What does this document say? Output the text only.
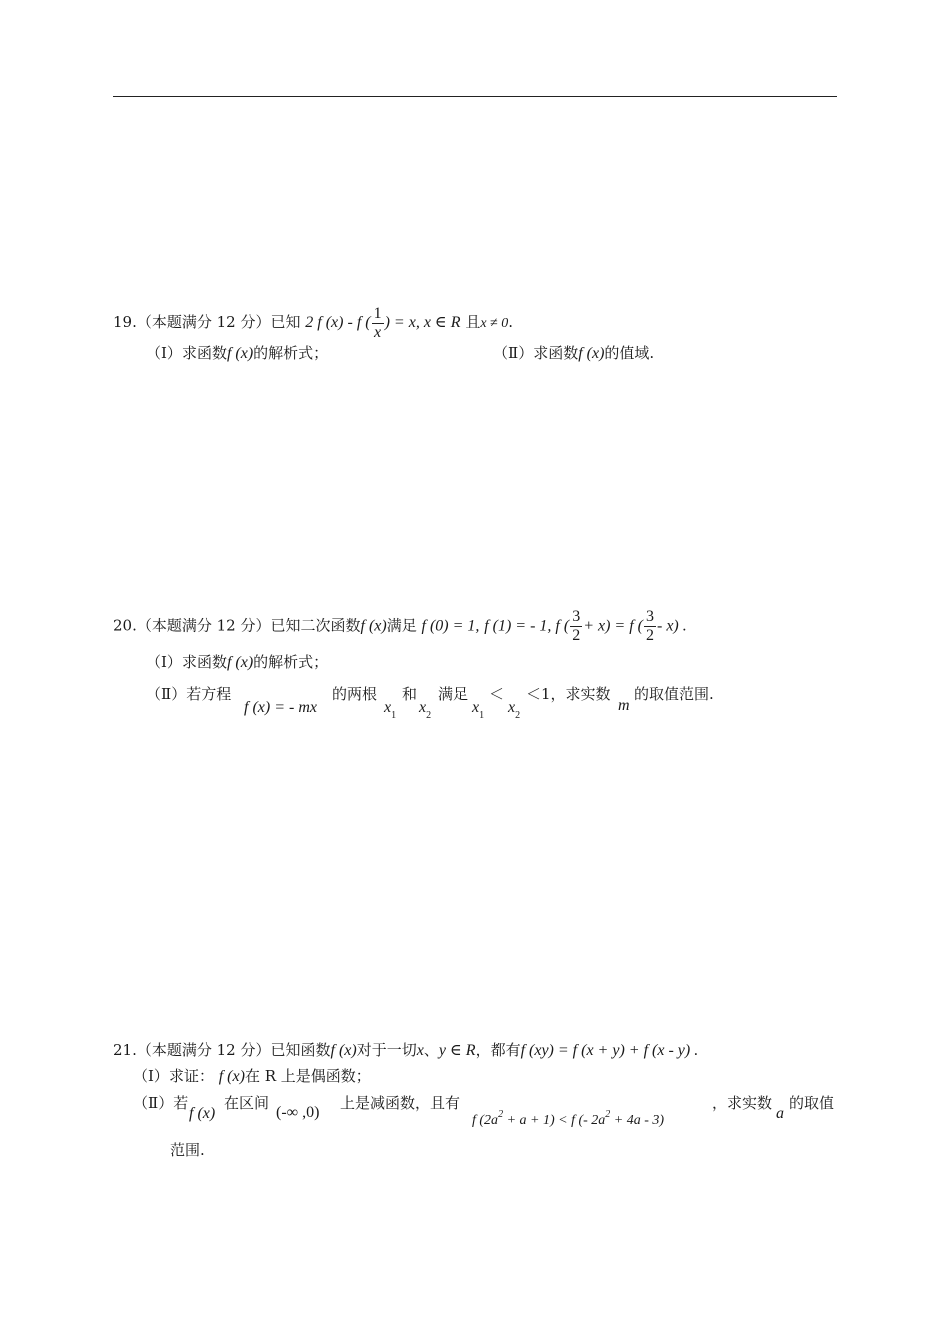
19.（本题满分 12 分）已知 2 f (x) - f ( $\frac{1}{x}$ ) = x, x ∈ R 且x ≠ 0.
（Ⅰ）求函数f (x)的解析式；	（Ⅱ）求函数f (x)的值域.
20.（本题满分 12 分）已知二次函数f (x)满足 f (0) = 1, f (1) = - 1, f ( $\frac{3}{2} + x) = f$ ( $\frac{3}{2} - x$) .
（Ⅰ）求函数f (x)的解析式；
（Ⅱ）若方程
f (x) = - mx
的两根
$x_1$
和
$x_2$
满足
$x_1$
＜
$x_2$
＜1，求实数
m
的取值范围.
21.（本题满分 12 分）已知函数f (x)对于一切x、y ∈ R，都有f (xy) = f (x + y) + f (x - y) .
（Ⅰ）求证： f (x)在 R 上是偶函数；
（Ⅱ）若
f (x)
在区间
(-∞ ,0)
上是减函数，且有
f $(2a^2 + a + 1) < f$ (- $2a^2 + 4a - 3$)
，求实数
a
的取值
范围.
